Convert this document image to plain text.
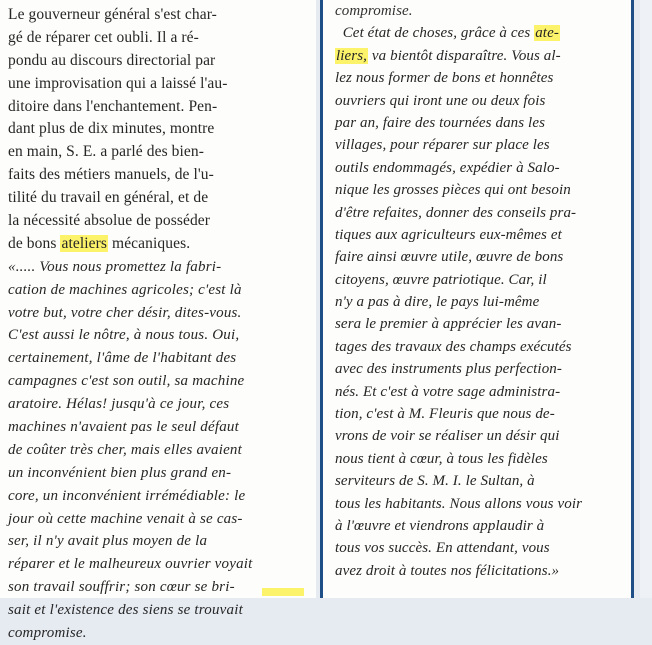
Le gouverneur général s'est char-
gé de réparer cet oubli. Il a ré-
pondu au discours directorial par
une improvisation qui a laissé l'au-
ditoire dans l'enchantement. Pen-
dant plus de dix minutes, montre
en main, S. E. a parlé des bien-
faits des métiers manuels, de l'u-
tilité du travail en général, et de
la nécessité absolue de posséder
de bons ateliers mécaniques.
«..... Vous nous promettez la fabri-
cation de machines agricoles; c'est là
votre but, votre cher désir, dites-vous.
C'est aussi le nôtre, à nous tous. Oui,
certainement, l'âme de l'habitant des
campagnes c'est son outil, sa machine
aratoire. Hélas! jusqu'à ce jour, ces
machines n'avaient pas le seul défaut
de coûter très cher, mais elles avaient
un inconvénient bien plus grand en-
core, un inconvénient irrémédiable: le
jour où cette machine venait à se cas-
ser, il n'y avait plus moyen de la
réparer et le malheureux ouvrier voyait
son travail souffrir; son cœur se bri-
sait et l'existence des siens se trouvait
compromise.
compromise.
Cet état de choses, grâce à ces ate-
liers, va bientôt disparaître. Vous al-
lez nous former de bons et honnêtes
ouvriers qui iront une ou deux fois
par an, faire des tournées dans les
villages, pour réparer sur place les
outils endommagés, expédier à Salo-
nique les grosses pièces qui ont besoin
d'être refaites, donner des conseils pra-
tiques aux agriculteurs eux-mêmes et
faire ainsi œuvre utile, œuvre de bons
citoyens, œuvre patriotique. Car, il
n'y a pas à dire, le pays lui-même
sera le premier à apprécier les avan-
tages des travaux des champs exécutés
avec des instruments plus perfection-
nés. Et c'est à votre sage administra-
tion, c'est à M. Fleuris que nous de-
vrons de voir se réaliser un désir qui
nous tient à cœur, à tous les fidèles
serviteurs de S. M. I. le Sultan, à
tous les habitants. Nous allons vous voir
à l'œuvre et viendrons applaudir à
tous vos succès. En attendant, vous
avez droit à toutes nos félicitations.»
